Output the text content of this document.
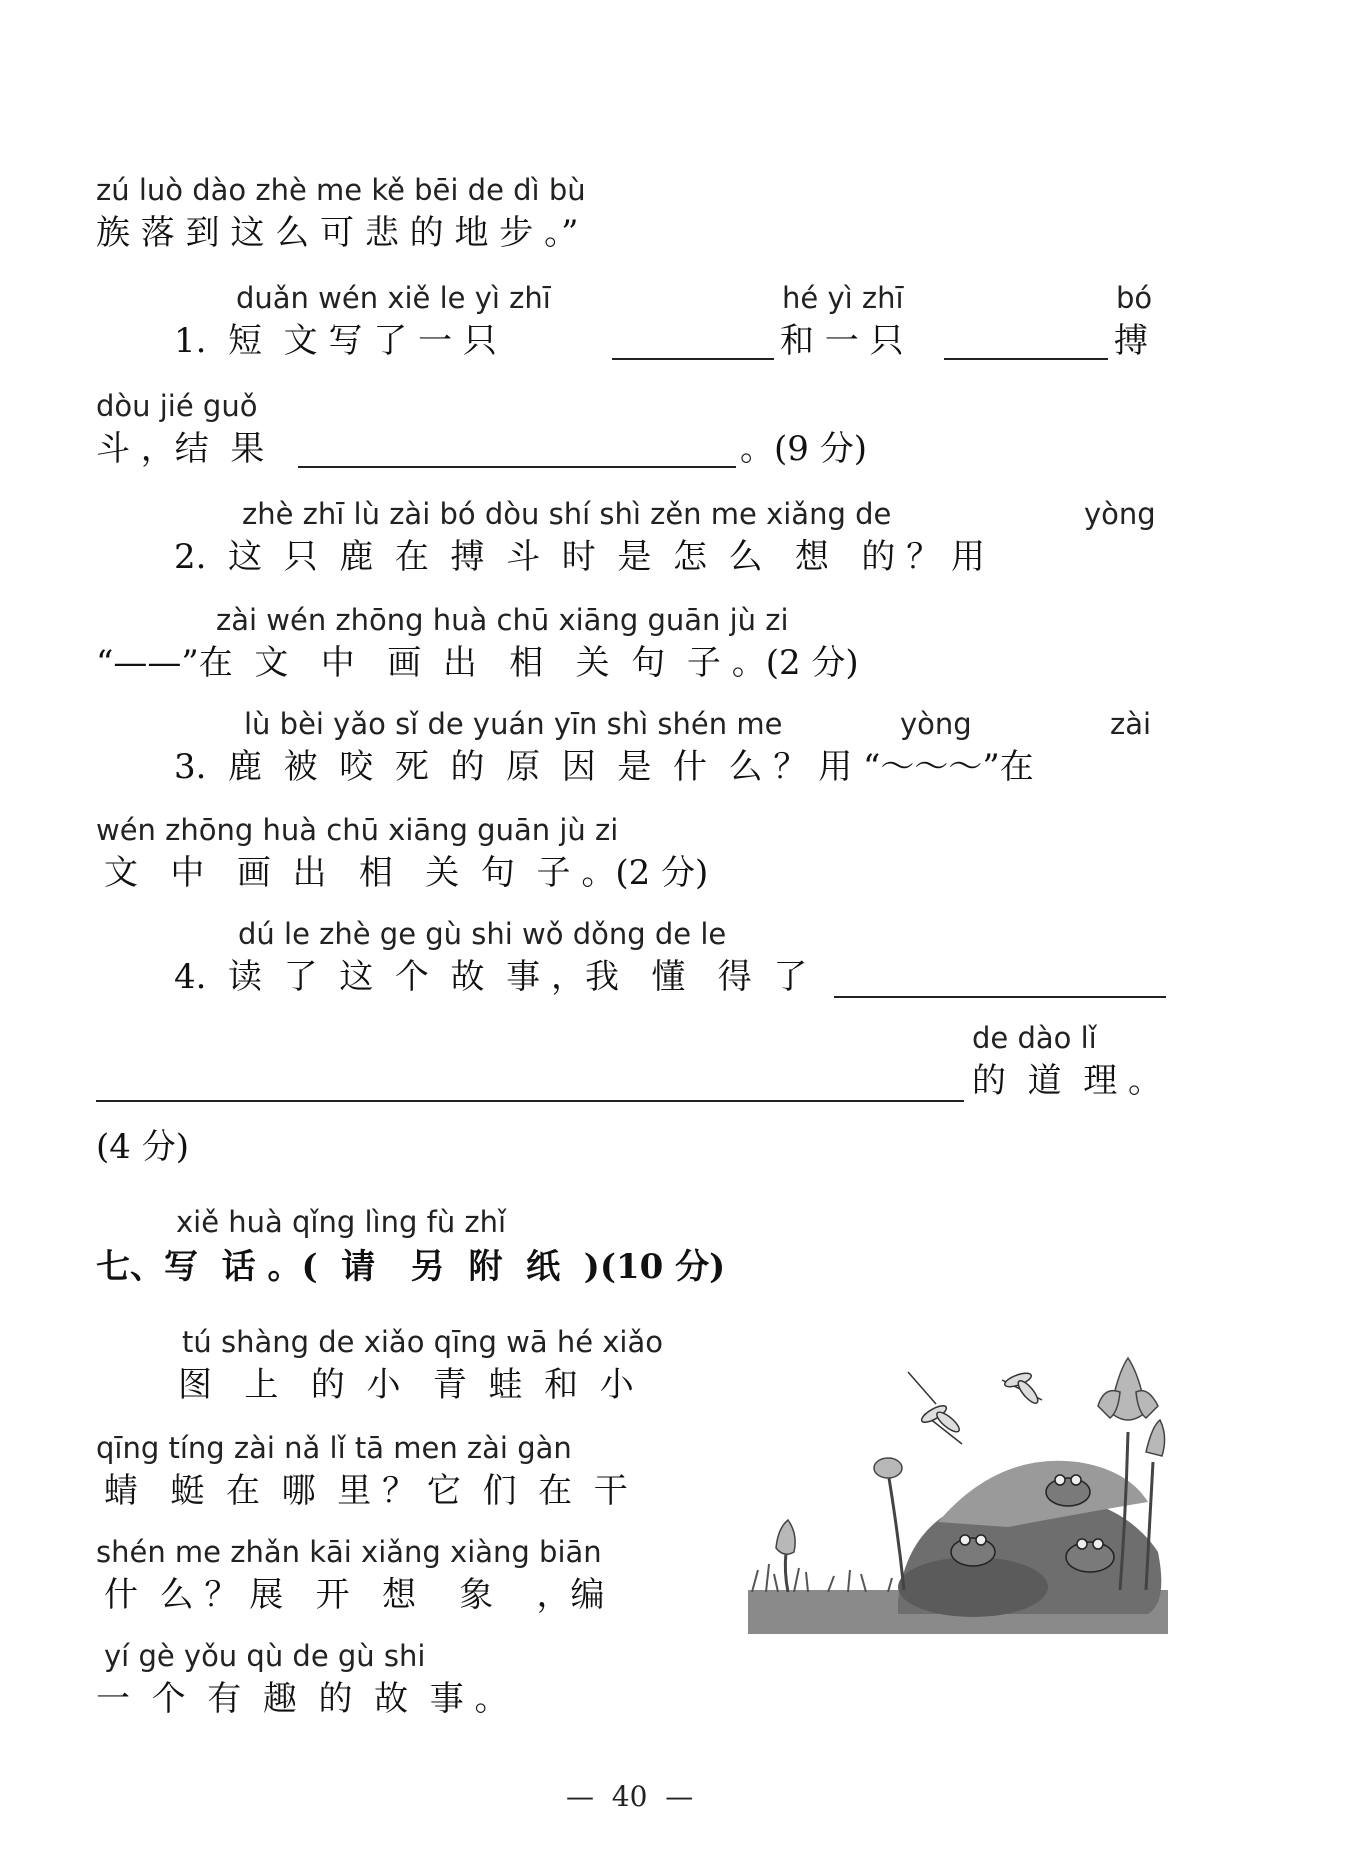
zú luò dào zhè me kě bēi de dì bù
族 落 到 这 么 可 悲 的 地 步 。”
duǎn wén xiě le yì zhī	hé yì zhī	bó
1.  短  文 写 了 一 只	和 一 只	搏
dòu jié guǒ
斗 ，结  果	。(9 分)
zhè zhī lù zài bó dòu shí shì zěn me xiǎng de	yòng
2.  这  只  鹿  在  搏  斗  时  是  怎  么   想   的 ？ 用
zài wén zhōng huà chū xiāng guān jù zi
“——”在  文   中   画  出   相   关  句  子 。(2 分)
lù bèi yǎo sǐ de yuán yīn shì shén me	yòng	zài
3.  鹿  被  咬  死  的  原  因  是  什  么 ？ 用 “～～～”在
wén zhōng huà chū xiāng guān jù zi
文   中   画  出   相   关  句  子 。(2 分)
dú le zhè ge gù shi wǒ dǒng de le
4.  读  了  这  个  故  事 ，我   懂   得  了
de dào lǐ
的  道  理 。
(4 分)
xiě huà qǐng lìng fù zhǐ
七、写  话 。(  请   另  附  纸  )(10 分)
tú shàng de xiǎo qīng wā hé xiǎo
图   上   的  小   青  蛙  和  小
qīng tíng zài nǎ lǐ tā men zài gàn
蜻   蜓  在  哪  里 ？ 它  们  在  干
shén me zhǎn kāi xiǎng xiàng biān
什  么 ？ 展   开   想    象    ，编
yí gè yǒu qù de gù shi
一  个  有  趣  的  故  事 。
—  40  —
